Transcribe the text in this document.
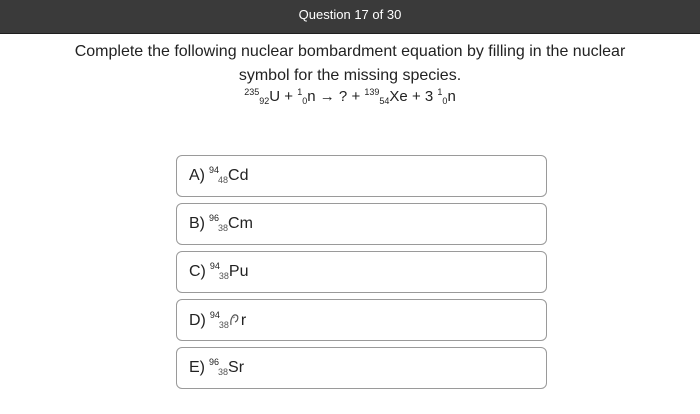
Question 17 of 30
Complete the following nuclear bombardment equation by filling in the nuclear
symbol for the missing species.
$^{235}_{92}$U + $^1_0$n → ? + $^{139}_{54}$Xe + 3 $^1_0$n
A) $^{94}$48Cd
B) $^{96}$38Cm
C) $^{94}$38Pu
D) $^{94}$38 r
E) $^{96}$38Sr
